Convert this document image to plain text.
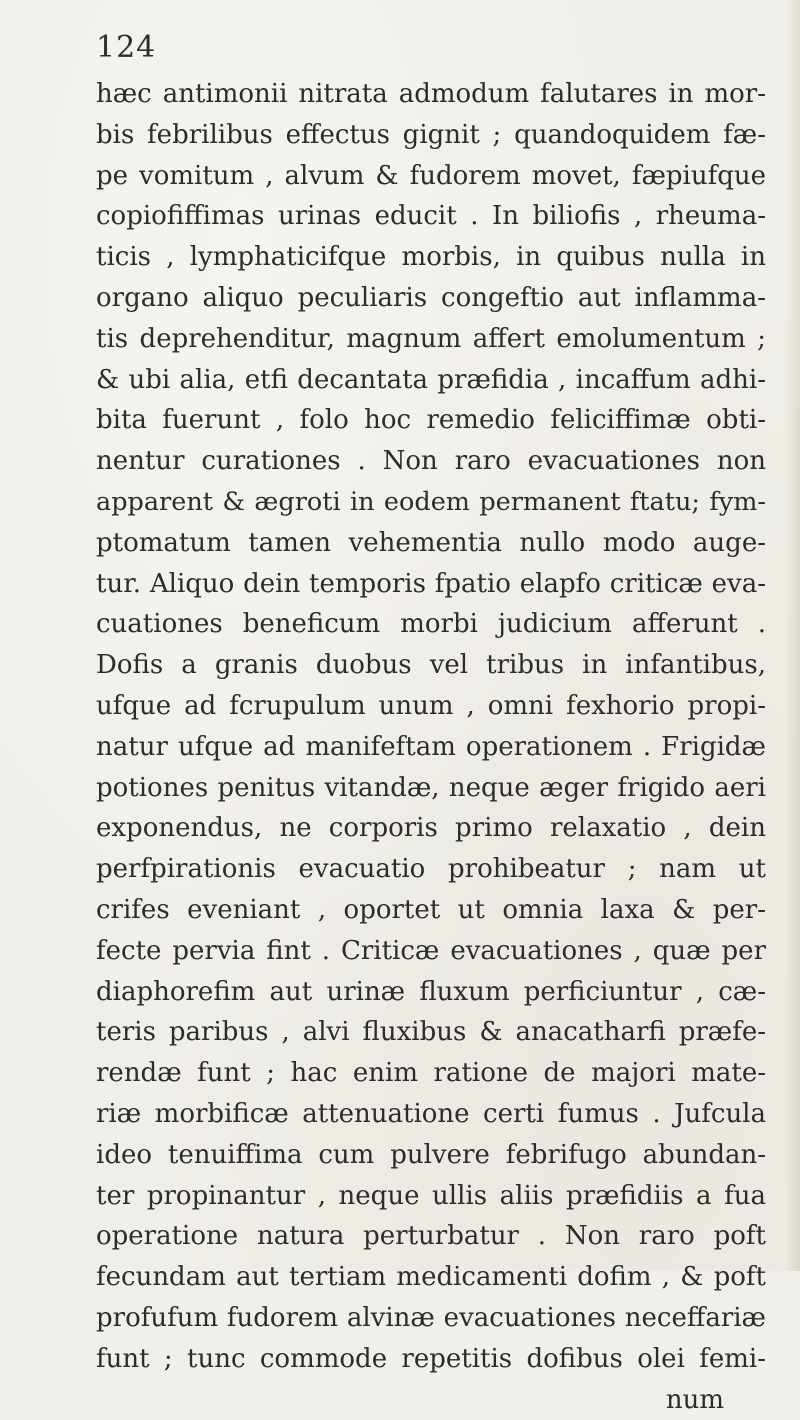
124
hæc antimonii nitrata admodum falutares in mor-
bis febrilibus effectus gignit ; quandoquidem fæ-
pe vomitum , alvum & fudorem movet, fæpiufque
copiofiffimas urinas educit . In biliofis , rheuma-
ticis , lymphaticifque morbis, in quibus nulla in
organo aliquo peculiaris congeftio aut inflamma-
tis deprehenditur, magnum affert emolumentum ;
& ubi alia, etfi decantata præfidia , incaffum adhi-
bita fuerunt , folo hoc remedio feliciffimæ obti-
nentur curationes . Non raro evacuationes non
apparent & ægroti in eodem permanent ftatu; fym-
ptomatum tamen vehementia nullo modo auge-
tur. Aliquo dein temporis fpatio elapfo criticæ eva-
cuationes beneficum morbi judicium afferunt .
Dofis a granis duobus vel tribus in infantibus,
ufque ad fcrupulum unum , omni fexhorio propi-
natur ufque ad manifeftam operationem . Frigidæ
potiones penitus vitandæ, neque æger frigido aeri
exponendus, ne corporis primo relaxatio , dein
perfpirationis evacuatio prohibeatur ; nam ut
crifes eveniant , oportet ut omnia laxa & per-
fecte pervia fint . Criticæ evacuationes , quæ per
diaphorefim aut urinæ fluxum perficiuntur , cæ-
teris paribus , alvi fluxibus & anacatharfi præfe-
rendæ funt ; hac enim ratione de majori mate-
riæ morbificæ attenuatione certi fumus . Jufcula
ideo tenuiffima cum pulvere febrifugo abundan-
ter propinantur , neque ullis aliis præfidiis a fua
operatione natura perturbatur . Non raro poft
fecundam aut tertiam medicamenti dofim , & poft
profufum fudorem alvinæ evacuationes neceffariæ
funt ; tunc commode repetitis dofibus olei femi-
num
